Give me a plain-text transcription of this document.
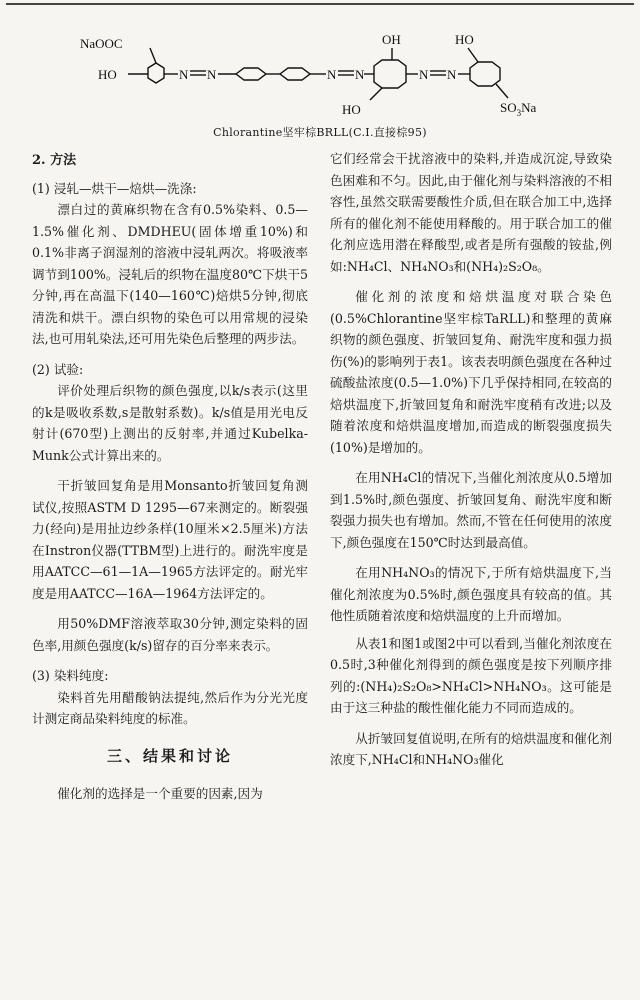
NaOOC
HO	N N	N N	N N
OH	HO
HO	$SO_3Na$
Chlorantine坚牢棕BRLL(C.I.直接棕95)
2. 方法
(1) 浸轧—烘干—焙烘—洗涤:

漂白过的黄麻织物在含有0.5%染料、0.5—1.5%催化剂、DMDHEU(固体增重10%)和0.1%非离子润湿剂的溶液中浸轧两次。将吸液率调节到100%。浸轧后的织物在温度80℃下烘干5分钟,再在高温下(140—160℃)焙烘5分钟,彻底清洗和烘干。漂白织物的染色可以用常规的浸染法,也可用轧染法,还可用先染色后整理的两步法。

(2) 试验:

评价处理后织物的颜色强度,以k/s表示(这里的k是吸收系数,s是散射系数)。k/s值是用光电反射计(670型)上测出的反射率,并通过Kubelka-Munk公式计算出来的。

干折皱回复角是用Monsanto折皱回复角测试仪,按照ASTM D 1295—67来测定的。断裂强力(经向)是用扯边纱条样(10厘米×2.5厘米)方法在Instron仪器(TTBM型)上进行的。耐洗牢度是用AATCC—61—1A—1965方法评定的。耐光牢度是用AATCC—16A—1964方法评定的。

用50%DMF溶液萃取30分钟,测定染料的固色率,用颜色强度(k/s)留存的百分率来表示。

(3) 染料纯度:

染料首先用醋酸钠法提纯,然后作为分光光度计测定商品染料纯度的标准。

三、结果和讨论

催化剂的选择是一个重要的因素,因为

它们经常会干扰溶液中的染料,并造成沉淀,导致染色困难和不匀。因此,由于催化剂与染料溶液的不相容性,虽然交联需要酸性介质,但在联合加工中,选择所有的催化剂不能使用释酸的。用于联合加工的催化剂应选用潜在释酸型,或者是所有强酸的铵盐,例如:NH₄Cl、NH₄NO₃和(NH₄)₂S₂O₈。

催化剂的浓度和焙烘温度对联合染色(0.5%Chlorantine坚牢棕TaRLL)和整理的黄麻织物的颜色强度、折皱回复角、耐洗牢度和强力损伤(%)的影响列于表1。该表表明颜色强度在各种过硫酸盐浓度(0.5—1.0%)下几乎保持相同,在较高的焙烘温度下,折皱回复角和耐洗牢度稍有改进;以及随着浓度和焙烘温度增加,而造成的断裂强度损失(10%)是增加的。

在用NH₄Cl的情况下,当催化剂浓度从0.5增加到1.5%时,颜色强度、折皱回复角、耐洗牢度和断裂强力损失也有增加。然而,不管在任何使用的浓度下,颜色强度在150℃时达到最高值。

在用NH₄NO₃的情况下,于所有焙烘温度下,当催化剂浓度为0.5%时,颜色强度具有较高的值。其他性质随着浓度和焙烘温度的上升而增加。

从表1和图1或图2中可以看到,当催化剂浓度在0.5时,3种催化剂得到的颜色强度是按下列顺序排列的:(NH₄)₂S₂O₈>NH₄Cl>NH₄NO₃。这可能是由于这三种盐的酸性催化能力不同而造成的。

从折皱回复值说明,在所有的焙烘温度和催化剂浓度下,NH₄Cl和NH₄NO₃催化
